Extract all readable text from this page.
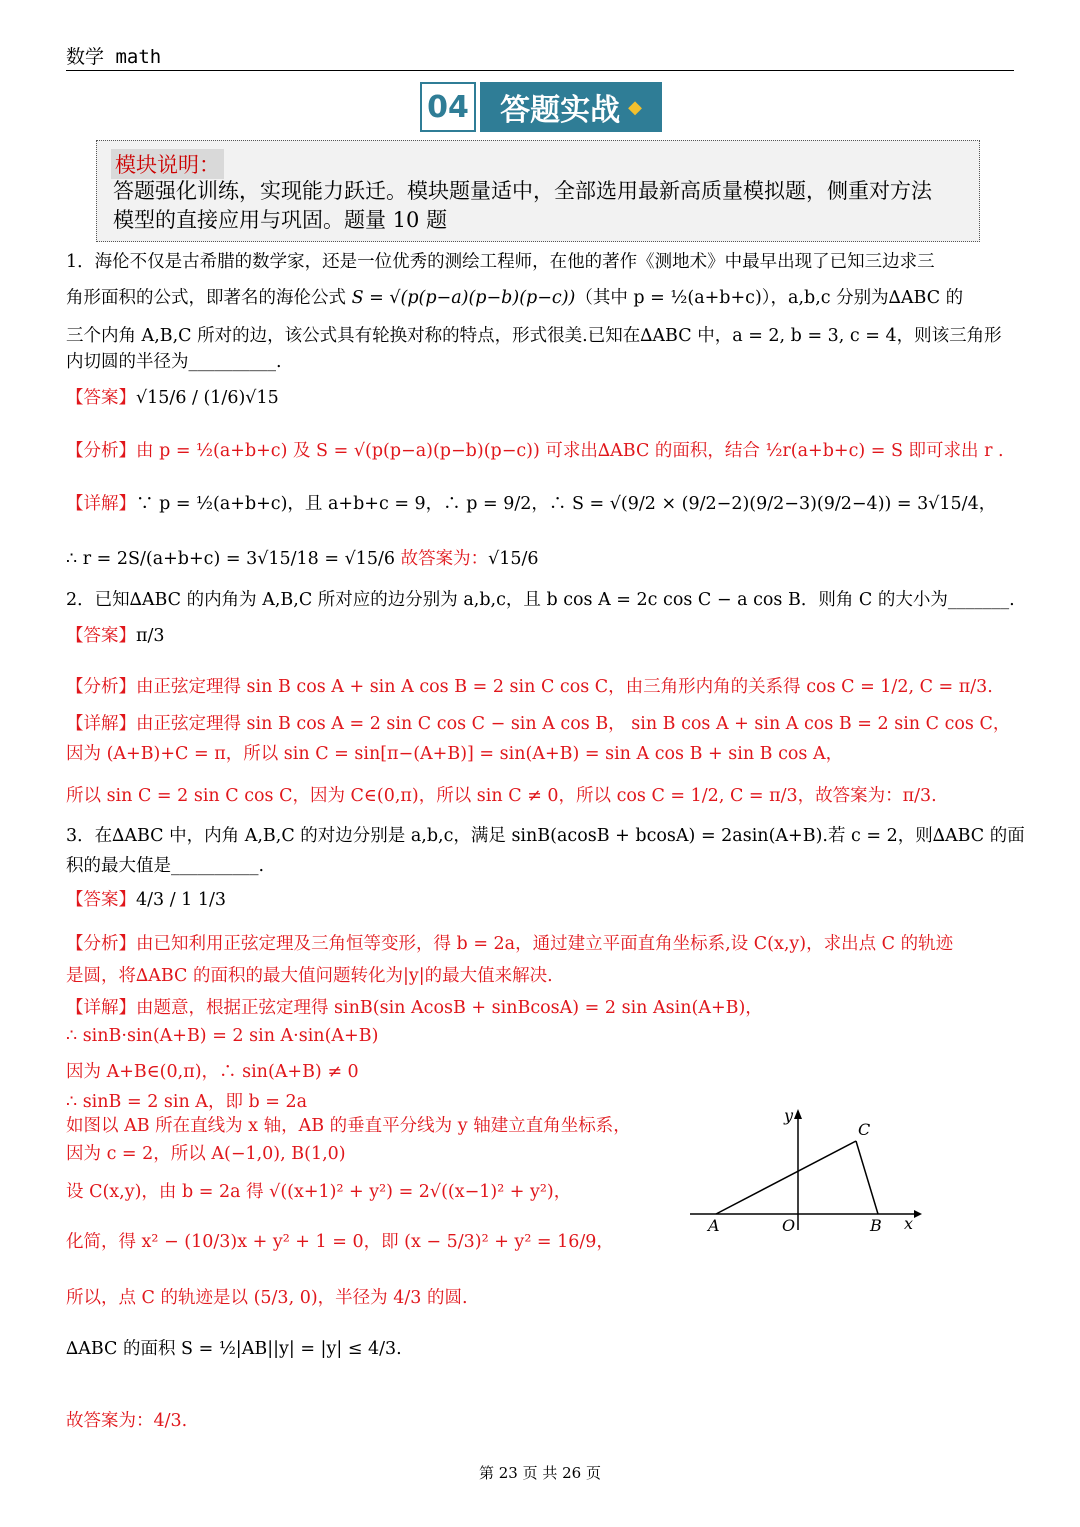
数学 math
04 答题实战 ◆
模块说明：
答题强化训练，实现能力跃迁。模块题量适中，全部选用最新高质量模拟题，侧重对方法
模型的直接应用与巩固。题量 10 题
1．海伦不仅是古希腊的数学家，还是一位优秀的测绘工程师，在他的著作《测地术》中最早出现了已知三边求三
角形面积的公式，即著名的海伦公式 S = √(p(p−a)(p−b)(p−c))（其中 p = ½(a+b+c)），a,b,c 分别为∆ABC 的
三个内角 A,B,C 所对的边，该公式具有轮换对称的特点，形式很美.已知在∆ABC 中，a = 2, b = 3, c = 4，则该三角形
内切圆的半径为__________.
【答案】√15/6 / (1/6)√15
【分析】由 p = ½(a+b+c) 及 S = √(p(p−a)(p−b)(p−c)) 可求出∆ABC 的面积，结合 ½r(a+b+c) = S 即可求出 r .
【详解】∵ p = ½(a+b+c)，且 a+b+c = 9，∴ p = 9/2，∴ S = √(9/2 × (9/2−2)(9/2−3)(9/2−4)) = 3√15/4，
∴ r = 2S/(a+b+c) = 3√15/18 = √15/6 故答案为：√15/6
2．已知∆ABC 的内角为 A,B,C 所对应的边分别为 a,b,c，且 b cos A = 2c cos C − a cos B．则角 C 的大小为_______.
【答案】π/3
【分析】由正弦定理得 sin B cos A + sin A cos B = 2 sin C cos C，由三角形内角的关系得 cos C = 1/2, C = π/3.
【详解】由正弦定理得 sin B cos A = 2 sin C cos C − sin A cos B， sin B cos A + sin A cos B = 2 sin C cos C，
因为 (A+B)+C = π，所以 sin C = sin[π−(A+B)] = sin(A+B) = sin A cos B + sin B cos A，
所以 sin C = 2 sin C cos C，因为 C∈(0,π)，所以 sin C ≠ 0，所以 cos C = 1/2, C = π/3，故答案为：π/3.
3．在∆ABC 中，内角 A,B,C 的对边分别是 a,b,c，满足 sinB(acosB + bcosA) = 2asin(A+B).若 c = 2，则∆ABC 的面
积的最大值是__________.
【答案】4/3 / 1 1/3
【分析】由已知利用正弦定理及三角恒等变形，得 b = 2a，通过建立平面直角坐标系,设 C(x,y)，求出点 C 的轨迹
是圆，将∆ABC 的面积的最大值问题转化为|y|的最大值来解决.
【详解】由题意，根据正弦定理得 sinB(sin AcosB + sinBcosA) = 2 sin Asin(A+B)，
∴ sinB·sin(A+B) = 2 sin A·sin(A+B)
因为 A+B∈(0,π)，∴ sin(A+B) ≠ 0
∴ sinB = 2 sin A，即 b = 2a
如图以 AB 所在直线为 x 轴，AB 的垂直平分线为 y 轴建立直角坐标系，
因为 c = 2，所以 A(−1,0), B(1,0)
设 C(x,y)，由 b = 2a 得 √((x+1)² + y²) = 2√((x−1)² + y²)，
化简，得 x² − (10/3)x + y² + 1 = 0，即 (x − 5/3)² + y² = 16/9，
所以，点 C 的轨迹是以 (5/3, 0)，半径为 4/3 的圆.
∆ABC 的面积 S = ½|AB||y| = |y| ≤ 4/3.
故答案为：4/3.
x
y
A	O	B
C
第 23 页 共 26 页
